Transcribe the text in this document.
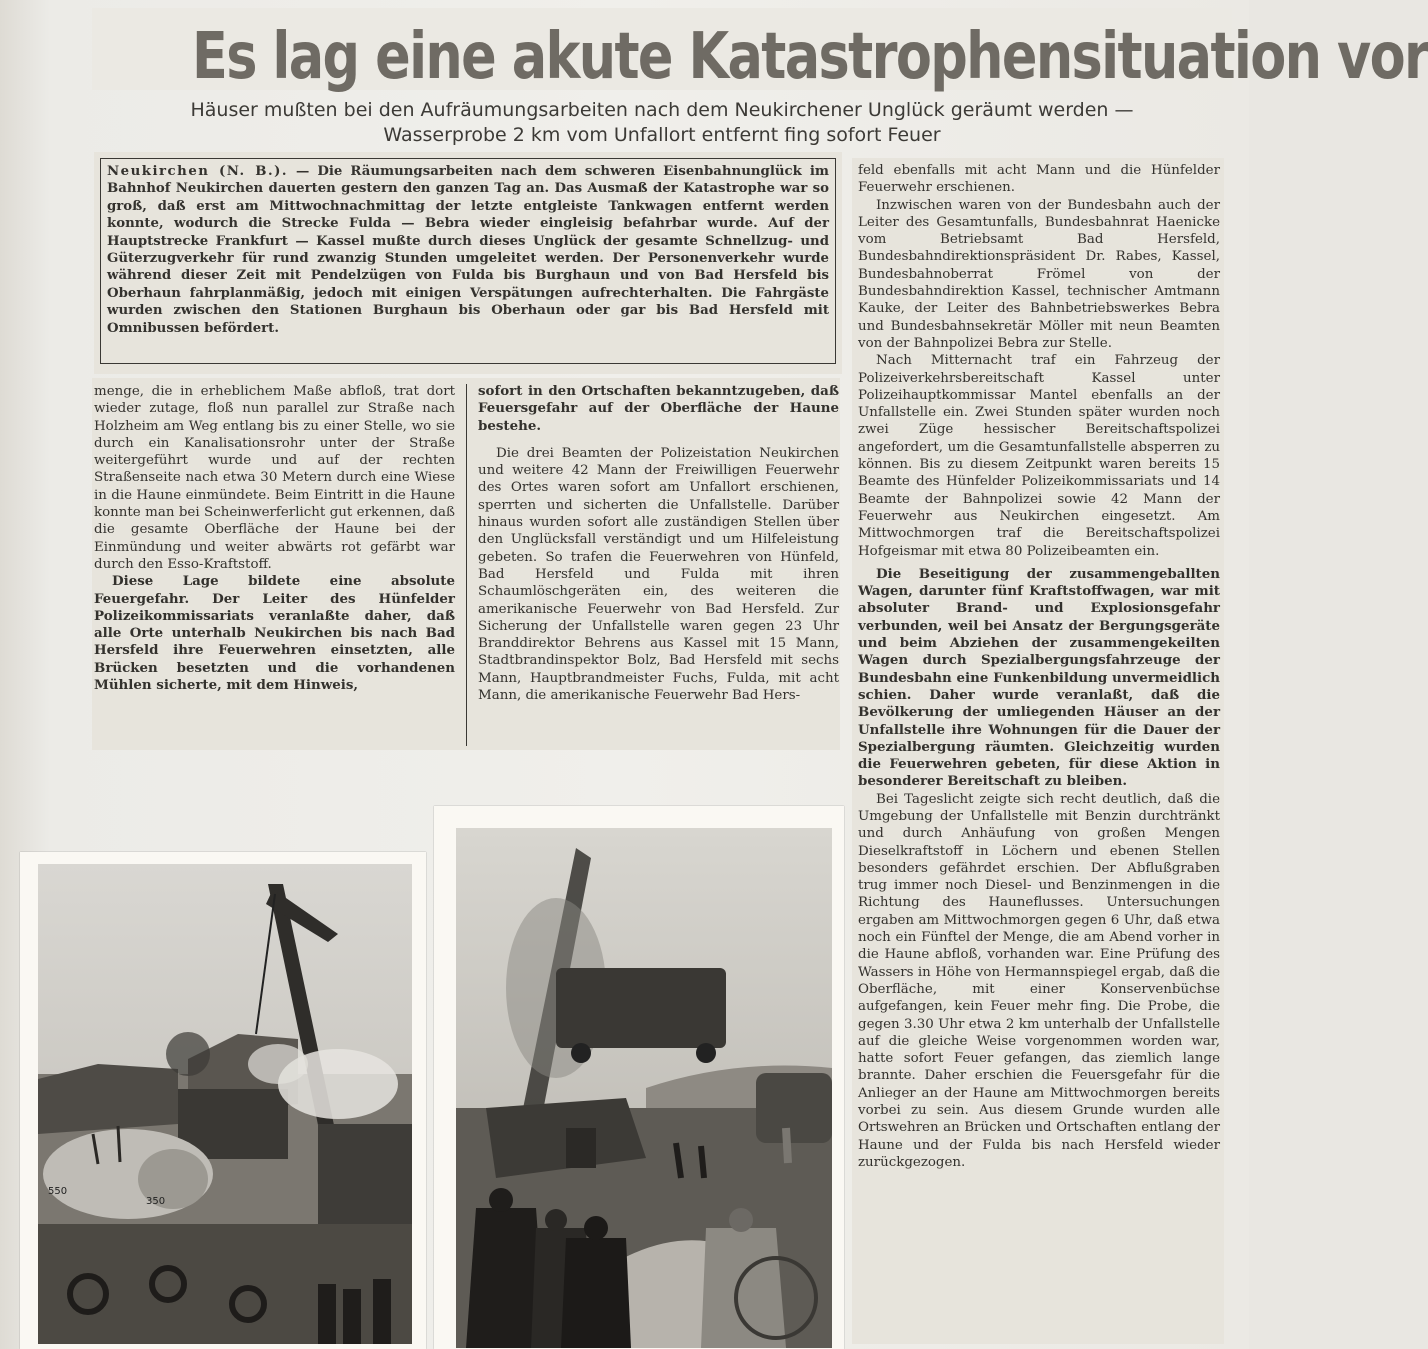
Es lag eine akute Katastrophensituation vor
Häuser mußten bei den Aufräumungsarbeiten nach dem Neukirchener Unglück geräumt werden —
Wasserprobe 2 km vom Unfallort entfernt fing sofort Feuer
Neukirchen (N. B.). — Die Räumungsarbeiten nach dem schweren Eisenbahnunglück im Bahnhof Neukirchen dauerten gestern den ganzen Tag an. Das Ausmaß der Katastrophe war so groß, daß erst am Mittwochnachmittag der letzte entgleiste Tankwagen entfernt werden konnte, wodurch die Strecke Fulda — Bebra wieder eingleisig befahrbar wurde. Auf der Hauptstrecke Frankfurt — Kassel mußte durch dieses Unglück der gesamte Schnellzug- und Güterzugverkehr für rund zwanzig Stunden umgeleitet werden. Der Personenverkehr wurde während dieser Zeit mit Pendelzügen von Fulda bis Burghaun und von Bad Hersfeld bis Oberhaun fahrplanmäßig, jedoch mit einigen Verspätungen aufrechterhalten. Die Fahrgäste wurden zwischen den Stationen Burghaun bis Oberhaun oder gar bis Bad Hersfeld mit Omnibussen befördert.

menge, die in erheblichem Maße abfloß, trat dort wieder zutage, floß nun parallel zur Straße nach Holzheim am Weg entlang bis zu einer Stelle, wo sie durch ein Kanalisationsrohr unter der Straße weitergeführt wurde und auf der rechten Straßenseite nach etwa 30 Metern durch eine Wiese in die Haune einmündete. Beim Eintritt in die Haune konnte man bei Scheinwerferlicht gut erkennen, daß die gesamte Oberfläche der Haune bei der Einmündung und weiter abwärts rot gefärbt war durch den Esso-Kraftstoff.

Diese Lage bildete eine absolute Feuergefahr. Der Leiter des Hünfelder Polizeikommissariats veranlaßte daher, daß alle Orte unterhalb Neukirchen bis nach Bad Hersfeld ihre Feuerwehren einsetzten, alle Brücken besetzten und die vorhandenen Mühlen sicherte, mit dem Hinweis,

sofort in den Ortschaften bekanntzugeben, daß Feuersgefahr auf der Oberfläche der Haune bestehe.

Die drei Beamten der Polizeistation Neukirchen und weitere 42 Mann der Freiwilligen Feuerwehr des Ortes waren sofort am Unfallort erschienen, sperrten und sicherten die Unfallstelle. Darüber hinaus wurden sofort alle zuständigen Stellen über den Unglücksfall verständigt und um Hilfeleistung gebeten. So trafen die Feuerwehren von Hünfeld, Bad Hersfeld und Fulda mit ihren Schaumlöschgeräten ein, des weiteren die amerikanische Feuerwehr von Bad Hersfeld. Zur Sicherung der Unfallstelle waren gegen 23 Uhr Branddirektor Behrens aus Kassel mit 15 Mann, Stadtbrandinspektor Bolz, Bad Hersfeld mit sechs Mann, Hauptbrandmeister Fuchs, Fulda, mit acht Mann, die amerikanische Feuerwehr Bad Hers-

feld ebenfalls mit acht Mann und die Hünfelder Feuerwehr erschienen.

Inzwischen waren von der Bundesbahn auch der Leiter des Gesamtunfalls, Bundesbahnrat Haenicke vom Betriebsamt Bad Hersfeld, Bundesbahndirektionspräsident Dr. Rabes, Kassel, Bundesbahnoberrat Frömel von der Bundesbahndirektion Kassel, technischer Amtmann Kauke, der Leiter des Bahnbetriebswerkes Bebra und Bundesbahnsekretär Möller mit neun Beamten von der Bahnpolizei Bebra zur Stelle.

Nach Mitternacht traf ein Fahrzeug der Polizeiverkehrsbereitschaft Kassel unter Polizeihauptkommissar Mantel ebenfalls an der Unfallstelle ein. Zwei Stunden später wurden noch zwei Züge hessischer Bereitschaftspolizei angefordert, um die Gesamtunfallstelle absperren zu können. Bis zu diesem Zeitpunkt waren bereits 15 Beamte des Hünfelder Polizeikommissariats und 14 Beamte der Bahnpolizei sowie 42 Mann der Feuerwehr aus Neukirchen eingesetzt. Am Mittwochmorgen traf die Bereitschaftspolizei Hofgeismar mit etwa 80 Polizeibeamten ein.

Die Beseitigung der zusammengeballten Wagen, darunter fünf Kraftstoffwagen, war mit absoluter Brand- und Explosionsgefahr verbunden, weil bei Ansatz der Bergungsgeräte und beim Abziehen der zusammengekeilten Wagen durch Spezialbergungsfahrzeuge der Bundesbahn eine Funkenbildung unvermeidlich schien. Daher wurde veranlaßt, daß die Bevölkerung der umliegenden Häuser an der Unfallstelle ihre Wohnungen für die Dauer der Spezialbergung räumten. Gleichzeitig wurden die Feuerwehren gebeten, für diese Aktion in besonderer Bereitschaft zu bleiben.

Bei Tageslicht zeigte sich recht deutlich, daß die Umgebung der Unfallstelle mit Benzin durchtränkt und durch Anhäufung von großen Mengen Dieselkraftstoff in Löchern und ebenen Stellen besonders gefährdet erschien. Der Abflußgraben trug immer noch Diesel- und Benzinmengen in die Richtung des Hauneflusses. Untersuchungen ergaben am Mittwochmorgen gegen 6 Uhr, daß etwa noch ein Fünftel der Menge, die am Abend vorher in die Haune abfloß, vorhanden war. Eine Prüfung des Wassers in Höhe von Hermannspiegel ergab, daß die Oberfläche, mit einer Konservenbüchse aufgefangen, kein Feuer mehr fing. Die Probe, die gegen 3.30 Uhr etwa 2 km unterhalb der Unfallstelle auf die gleiche Weise vorgenommen worden war, hatte sofort Feuer gefangen, das ziemlich lange brannte. Daher erschien die Feuersgefahr für die Anlieger an der Haune am Mittwochmorgen bereits vorbei zu sein. Aus diesem Grunde wurden alle Ortswehren an Brücken und Ortschaften entlang der Haune und der Fulda bis nach Hersfeld wieder zurückgezogen.

550
350
